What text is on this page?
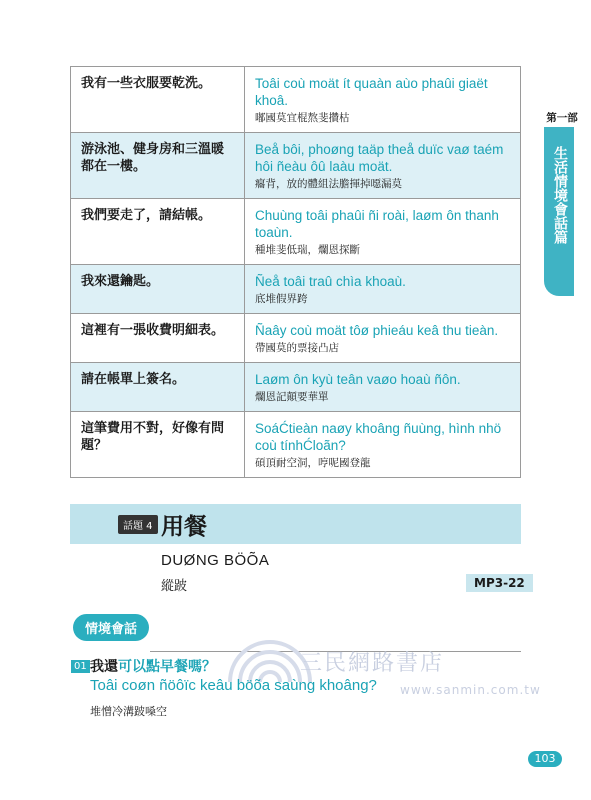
我有一些衣服要乾洗。	Toâi coù moät ít quaàn aùo phaûi giaët khoâ.
嘟國莫宜棍熬斐攢枯

游泳池、健身房和三溫暖都在一樓。	Beå bôi, phoøng taäp theå duïc vaø taém hôi ñeàu ôû laàu moät.
癟背，放的體組法膽揮掉噁漏莫

我們要走了，請結帳。	Chuùng toâi phaûi ñi roài, laøm ôn thanh toaùn.
種堆斐低瑞，爛恩探斷

我來還鑰匙。	Ñeå toâi traû chìa khoaù.
底堆假界跨

這裡有一張收費明細表。	Ñaây coù moät tôø phieáu keâ thu tieàn.
帶國莫的票接凸店

請在帳單上簽名。	Laøm ôn kyù teân vaøo hoaù ñôn.
爛恩記顛要華單

這筆費用不對，好像有問題？	SoáĆtieàn naøy khoâng ñuùng, hình nhö coù tínhĆloãn?
碩頂耐空洞，哼呢國登龍
第一部
生活情境會話篇
話題 4 用餐
DUØNG BÖÕA
縱跛	MP3-22
情境會話
三民網路書店
www.sanmin.com.tw
01 我還可以點早餐嗎？
Toâi coøn ñöôïc keâu böõa saùng khoâng?
堆憎冷溝跛嗓空
103
